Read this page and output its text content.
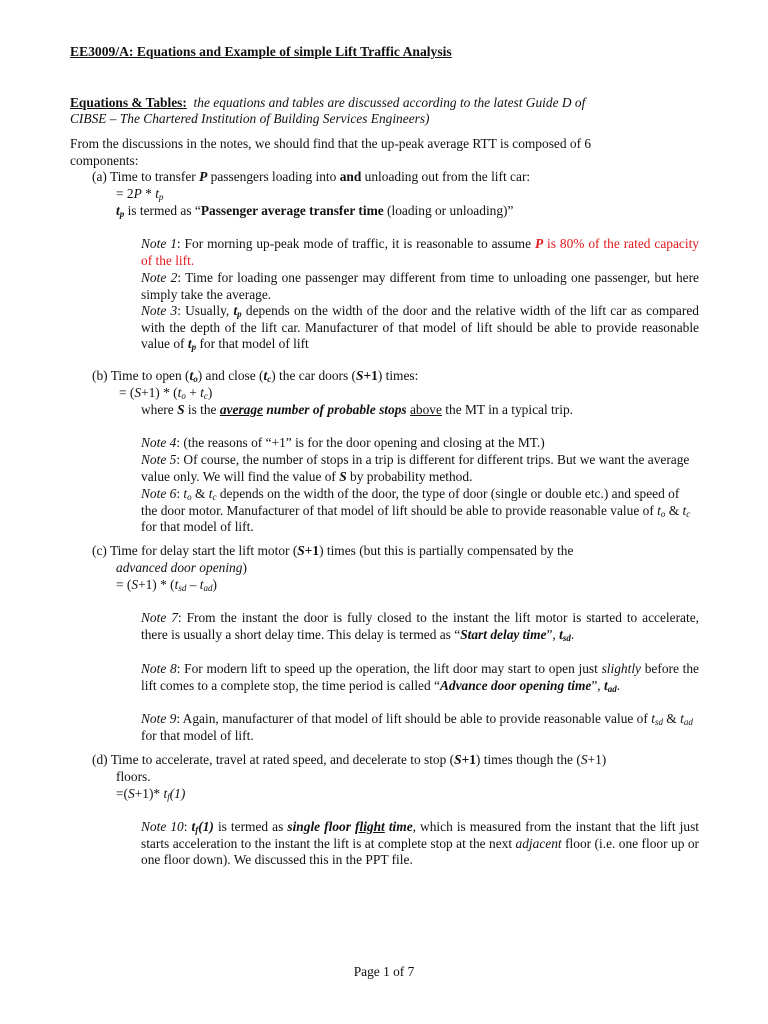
EE3009/A: Equations and Example of simple Lift Traffic Analysis
Equations & Tables: the equations and tables are discussed according to the latest Guide D of
CIBSE – The Chartered Institution of Building Services Engineers)
From the discussions in the notes, we should find that the up-peak average RTT is composed of 6
components:
(a) Time to transfer P passengers loading into and unloading out from the lift car:
= $2P * t_p$
$t_p$ is termed as “Passenger average transfer time (loading or unloading)”
Note 1: For morning up-peak mode of traffic, it is reasonable to assume P is 80% of the rated capacity of the lift.
Note 2: Time for loading one passenger may different from time to unloading one passenger, but here simply take the average.
Note 3: Usually, $t_p$ depends on the width of the door and the relative width of the lift car as compared with the depth of the lift car. Manufacturer of that model of lift should be able to provide reasonable value of $t_p$ for that model of lift
(b) Time to open $(t_o)$ and close $(t_c)$ the car doors (S+1) times:
= $(S+1) * (t_o + t_c)$
where S is the average number of probable stops above the MT in a typical trip.
Note 4: (the reasons of “+1” is for the door opening and closing at the MT.)
Note 5: Of course, the number of stops in a trip is different for different trips. But we want the average value only. We will find the value of S by probability method.
Note 6: $t_o$ & $t_c$ depends on the width of the door, the type of door (single or double etc.) and speed of the door motor. Manufacturer of that model of lift should be able to provide reasonable value of $t_o$ & $t_c$ for that model of lift.
(c) Time for delay start the lift motor (S+1) times (but this is partially compensated by the
advanced door opening)
= $(S+1) * (t_{sd} - t_{ad})$
Note 7: From the instant the door is fully closed to the instant the lift motor is started to accelerate, there is usually a short delay time. This delay is termed as “Start delay time”, $t_{sd}$.
Note 8: For modern lift to speed up the operation, the lift door may start to open just slightly before the lift comes to a complete stop, the time period is called “Advance door opening time”, $t_{ad}$.
Note 9: Again, manufacturer of that model of lift should be able to provide reasonable value of $t_{sd}$ & $t_{ad}$ for that model of lift.
(d) Time to accelerate, travel at rated speed, and decelerate to stop (S+1) times though the (S+1)
floors.
=(S+1)* $t_f(1)$
Note 10: $t_f(1)$ is termed as single floor flight time, which is measured from the instant that the lift just starts acceleration to the instant the lift is at complete stop at the next adjacent floor (i.e. one floor up or one floor down). We discussed this in the PPT file.
Page 1 of 7
